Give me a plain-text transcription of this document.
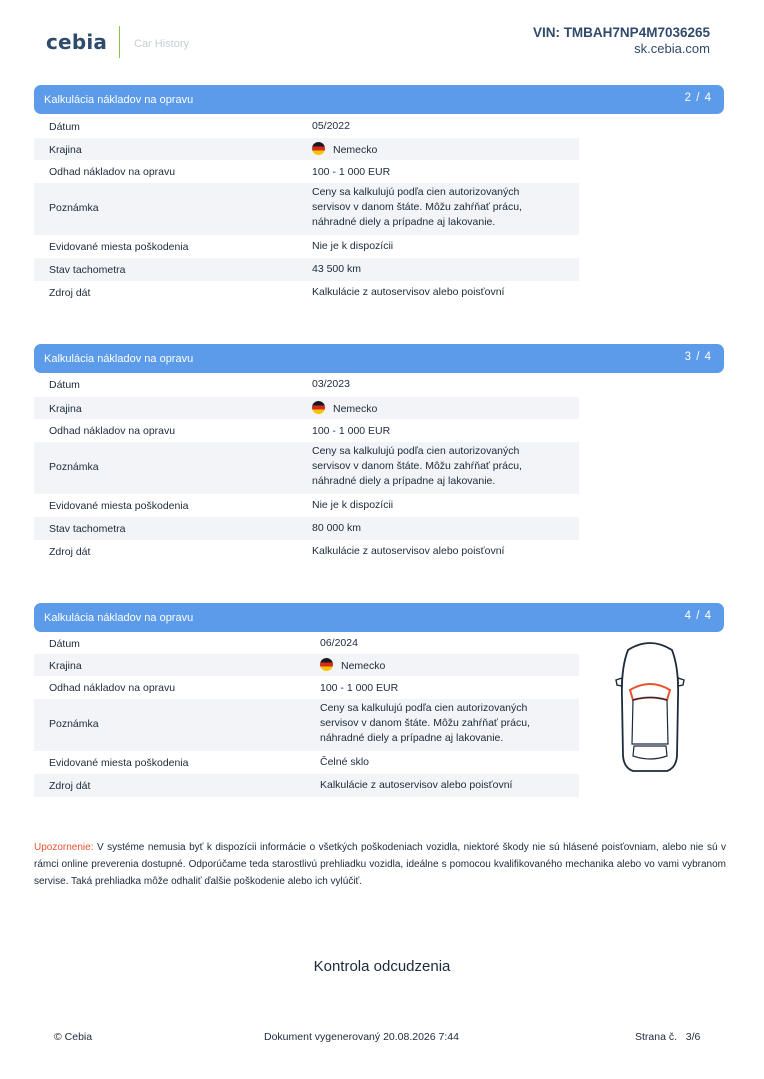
cebia Car History
VIN: TMBAH7NP4M7036265
sk.cebia.com
Kalkulácia nákladov na opravu	2 / 4
Dátum	05/2022
Krajina	Nemecko
Odhad nákladov na opravu	100 - 1 000 EUR
Poznámka
Ceny sa kalkulujú podľa cien autorizovaných
servisov v danom štáte. Môžu zahŕňať prácu,
náhradné diely a prípadne aj lakovanie.
Evidované miesta poškodenia	Nie je k dispozícii
Stav tachometra	43 500 km
Zdroj dát	Kalkulácie z autoservisov alebo poisťovní
Kalkulácia nákladov na opravu	3 / 4
Dátum	03/2023
Krajina	Nemecko
Odhad nákladov na opravu	100 - 1 000 EUR
Poznámka
Ceny sa kalkulujú podľa cien autorizovaných
servisov v danom štáte. Môžu zahŕňať prácu,
náhradné diely a prípadne aj lakovanie.
Evidované miesta poškodenia	Nie je k dispozícii
Stav tachometra	80 000 km
Zdroj dát	Kalkulácie z autoservisov alebo poisťovní
Kalkulácia nákladov na opravu	4 / 4
Dátum	06/2024
Krajina	Nemecko
Odhad nákladov na opravu	100 - 1 000 EUR
Poznámka
Ceny sa kalkulujú podľa cien autorizovaných
servisov v danom štáte. Môžu zahŕňať prácu,
náhradné diely a prípadne aj lakovanie.
Evidované miesta poškodenia	Čelné sklo
Zdroj dát	Kalkulácie z autoservisov alebo poisťovní
Upozornenie: V systéme nemusia byť k dispozícii informácie o všetkých poškodeniach vozidla, niektoré škody nie sú hlásené poisťovniam, alebo nie sú v rámci online preverenia dostupné. Odporúčame teda starostlivú prehliadku vozidla, ideálne s pomocou kvalifikovaného mechanika alebo vo vami vybranom servise. Taká prehliadka môže odhaliť ďalšie poškodenie alebo ich vylúčiť.
Kontrola odcudzenia
© Cebia	Dokument vygenerovaný 20.08.2026 7:44	Strana č.   3/6
